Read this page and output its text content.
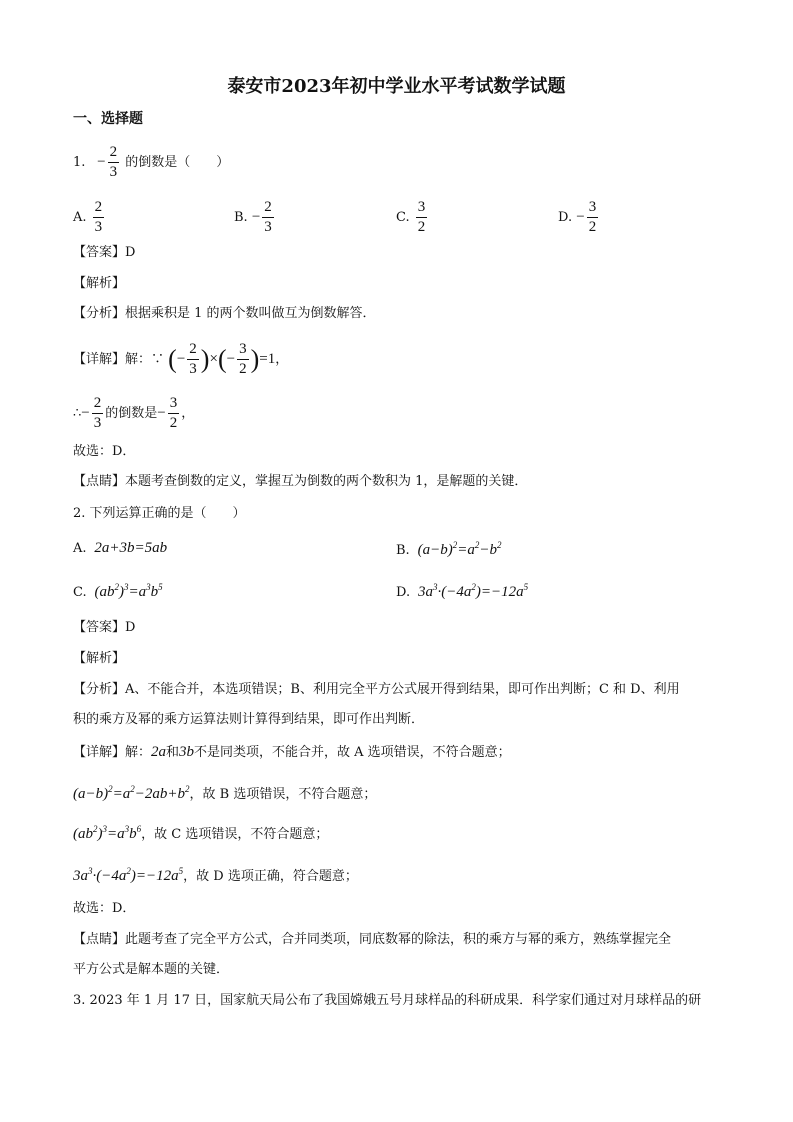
泰安市2023年初中学业水平考试数学试题
一、选择题
1. − $\frac{2}{3}$ 的倒数是（　　）
A. $\frac{2}{3}$	B. − $\frac{2}{3}$	C. $\frac{3}{2}$	D. − $\frac{3}{2}$
【答案】D
【解析】
【分析】根据乘积是 1 的两个数叫做互为倒数解答．
【详解】解：∵ (− $\frac{2}{3}$ )×(− $\frac{3}{2} )=1$，
∴− $\frac{2}{3}$ 的倒数是− $\frac{3}{2}$ ，
故选：D．
【点睛】本题考查倒数的定义，掌握互为倒数的两个数积为 1，是解题的关键．
2. 下列运算正确的是（　　）
A.  2a+3b=5ab	B.  $(a-b)^2=a^2-b^2$
C.  $(ab^2)^3=a^3b^5$	D.  $3a^3\cdot(-4a^2)=-12a^5$
【答案】D
【解析】
【分析】A、不能合并，本选项错误；B、利用完全平方公式展开得到结果，即可作出判断；C 和 D、利用
积的乘方及幂的乘方运算法则计算得到结果，即可作出判断．
【详解】解：2a和3b不是同类项，不能合并，故 A 选项错误，不符合题意；
$(a-b)^2=a^2-2ab+b^2$，故 B 选项错误，不符合题意；
$(ab^2)^3=a^3b^6$，故 C 选项错误，不符合题意；
$3a^3\cdot(-4a^2)=-12a^5$，故 D 选项正确，符合题意；
故选：D．
【点睛】此题考查了完全平方公式，合并同类项，同底数幂的除法，积的乘方与幂的乘方，熟练掌握完全
平方公式是解本题的关键．
3. 2023 年 1 月 17 日，国家航天局公布了我国嫦娥五号月球样品的科研成果．科学家们通过对月球样品的研
